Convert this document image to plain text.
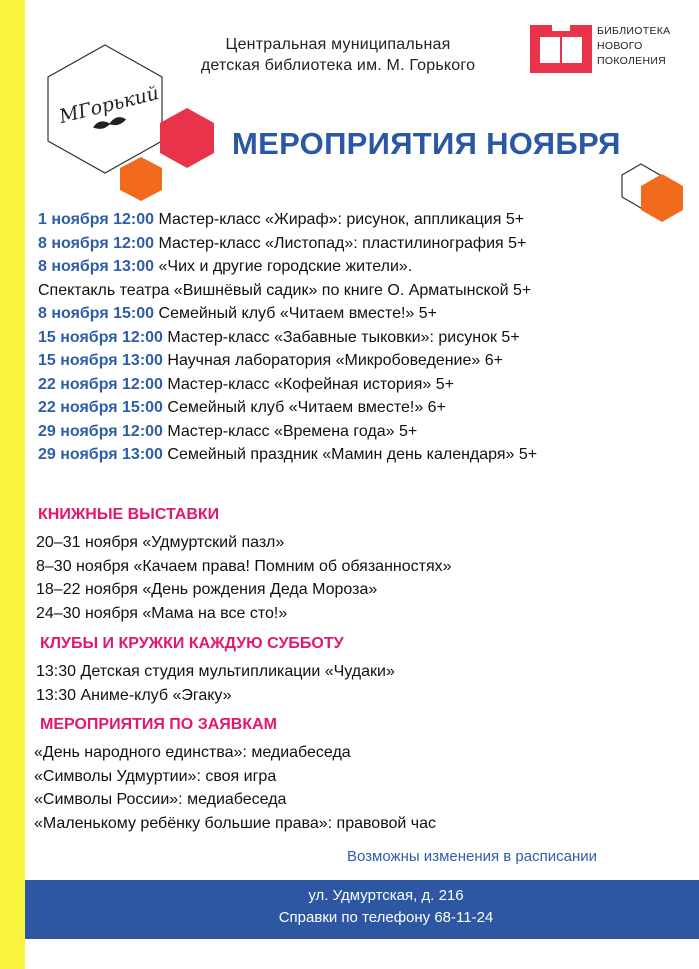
МГорький
Центральная муниципальная
детская библиотека им. М. Горького
БИБЛИОТЕКА
НОВОГО
ПОКОЛЕНИЯ
МЕРОПРИЯТИЯ НОЯБРЯ
1 ноября 12:00 Мастер-класс «Жираф»: рисунок, аппликация 5+
8 ноября 12:00 Мастер-класс «Листопад»: пластилинография 5+
8 ноября 13:00 «Чих и другие городские жители».
Спектакль театра «Вишнёвый садик» по книге О. Арматынской 5+
8 ноября 15:00 Семейный клуб «Читаем вместе!» 5+
15 ноября 12:00 Мастер-класс «Забавные тыковки»: рисунок 5+
15 ноября 13:00 Научная лаборатория «Микробоведение» 6+
22 ноября 12:00 Мастер-класс «Кофейная история» 5+
22 ноября 15:00 Семейный клуб «Читаем вместе!» 6+
29 ноября 12:00 Мастер-класс «Времена года» 5+
29 ноября 13:00 Семейный праздник «Мамин день календаря» 5+
КНИЖНЫЕ ВЫСТАВКИ
20–31 ноября «Удмуртский пазл»
8–30 ноября «Качаем права! Помним об обязанностях»
18–22 ноября «День рождения Деда Мороза»
24–30 ноября «Мама на все сто!»
КЛУБЫ И КРУЖКИ КАЖДУЮ СУББОТУ
13:30 Детская студия мультипликации «Чудаки»
13:30 Аниме-клуб «Эгаку»
МЕРОПРИЯТИЯ ПО ЗАЯВКАМ
«День народного единства»: медиабеседа
«Символы Удмуртии»: своя игра
«Символы России»: медиабеседа
«Маленькому ребёнку большие права»: правовой час
Возможны изменения в расписании
ул. Удмуртская, д. 216
Справки по телефону 68-11-24
